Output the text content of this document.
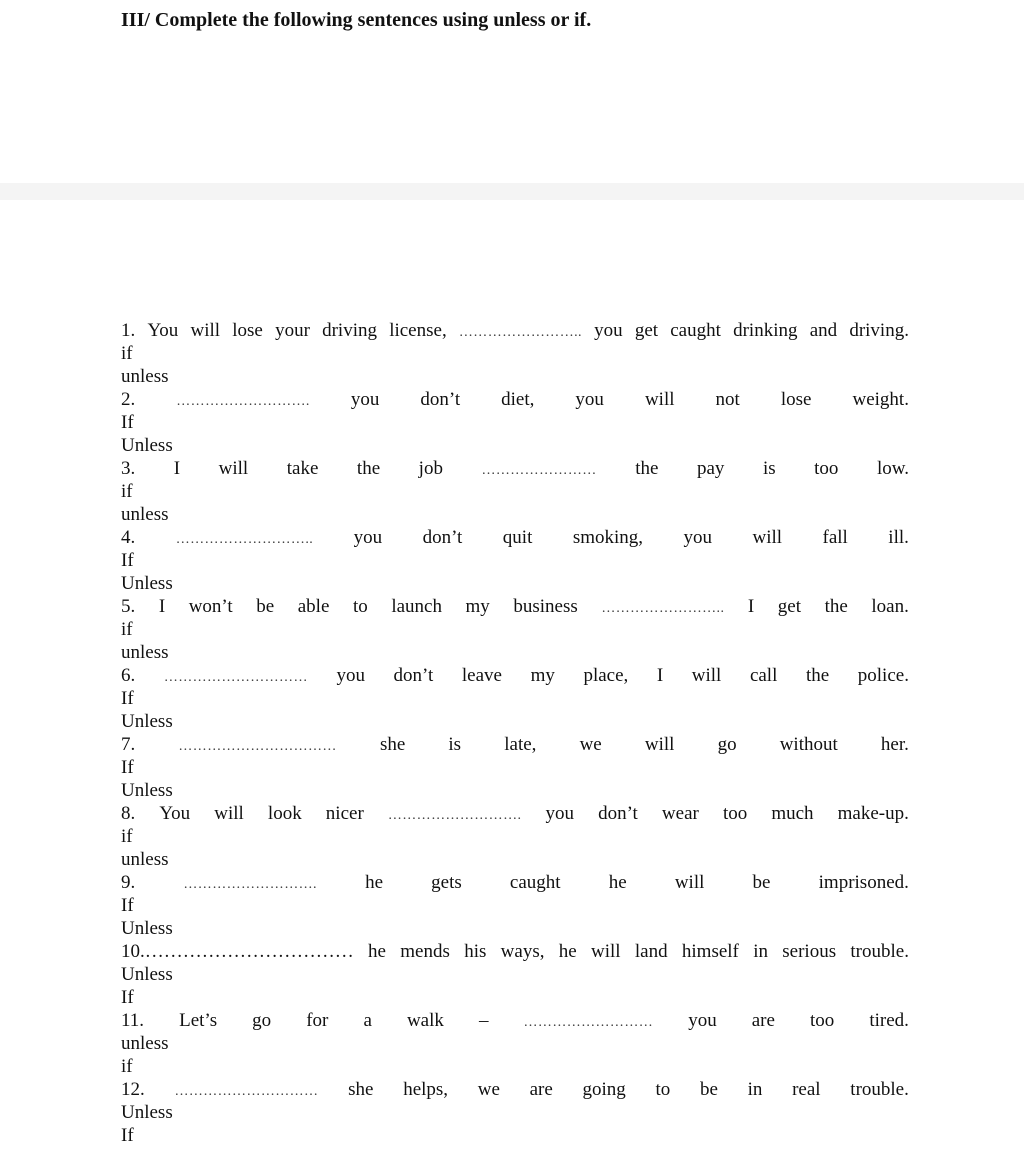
III/ Complete the following sentences using unless or if.
1. You will lose your driving license, …………………….. you get caught drinking and driving.
if
unless
2.	………………………. you don’t diet, you will not lose weight.
If
Unless
3. I will take the job	…………………… the pay is too low.
if
unless
4.	……………………….. you don’t quit smoking, you will fall ill.
If
Unless
5. I won’t be able to launch my business …………………….. I get the loan.
if
unless
6. ………………………… you don’t leave my place, I will call the police.
If
Unless
7.	…………………………… she is late, we will go without her.
If
Unless
8. You will look nicer ………………………. you don’t wear too much make-up.
if
unless
9.	……………………….	he	gets	caught	he	will	be	imprisoned.
If
Unless
10.…………………………… he mends his ways, he will land himself in serious trouble.
Unless
If
11. Let’s go for a walk –	……………………… you are too tired.
unless
if
12. ………………………… she helps, we are going to be in real trouble.
Unless
If
